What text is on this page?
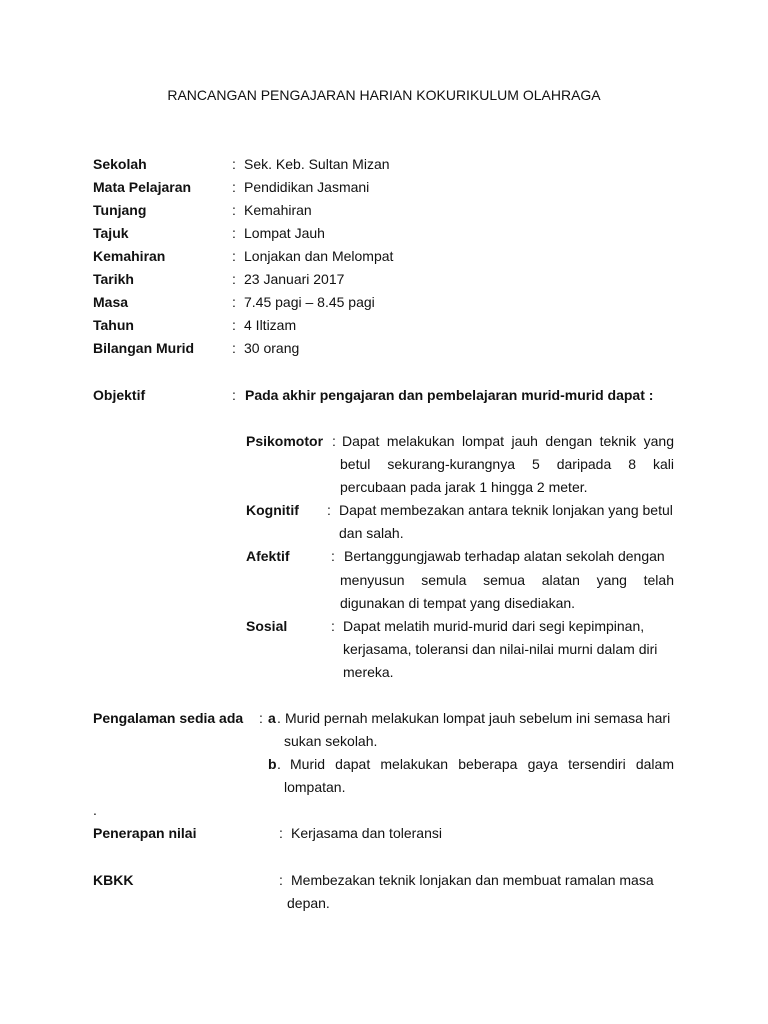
RANCANGAN PENGAJARAN HARIAN KOKURIKULUM OLAHRAGA
Sekolah	: Sek. Keb. Sultan Mizan
Mata Pelajaran	: Pendidikan Jasmani
Tunjang	: Kemahiran
Tajuk	: Lompat Jauh
Kemahiran	: Lonjakan dan Melompat
Tarikh	: 23 Januari 2017
Masa	: 7.45 pagi – 8.45 pagi
Tahun	: 4 Iltizam
Bilangan Murid	: 30 orang
Objektif	: Pada akhir pengajaran dan pembelajaran murid-murid dapat :
Psikomotor : Dapat melakukan lompat jauh dengan teknik yang
betul sekurang-kurangnya 5 daripada 8 kali
percubaan pada jarak 1 hingga 2 meter.
Kognitif : Dapat membezakan antara teknik lonjakan yang betul
dan salah.
Afektif	: Bertanggungjawab terhadap alatan sekolah dengan
menyusun semula semua alatan yang telah
digunakan di tempat yang disediakan.
Sosial	: Dapat melatih murid-murid dari segi kepimpinan,
kerjasama, toleransi dan nilai-nilai murni dalam diri
mereka.
Pengalaman sedia ada : a . Murid pernah melakukan lompat jauh sebelum ini semasa hari
sukan sekolah.
b . Murid dapat melakukan beberapa gaya tersendiri dalam
lompatan.
.
Penerapan nilai	: Kerjasama dan toleransi
KBKK	: Membezakan teknik lonjakan dan membuat ramalan masa
depan.
